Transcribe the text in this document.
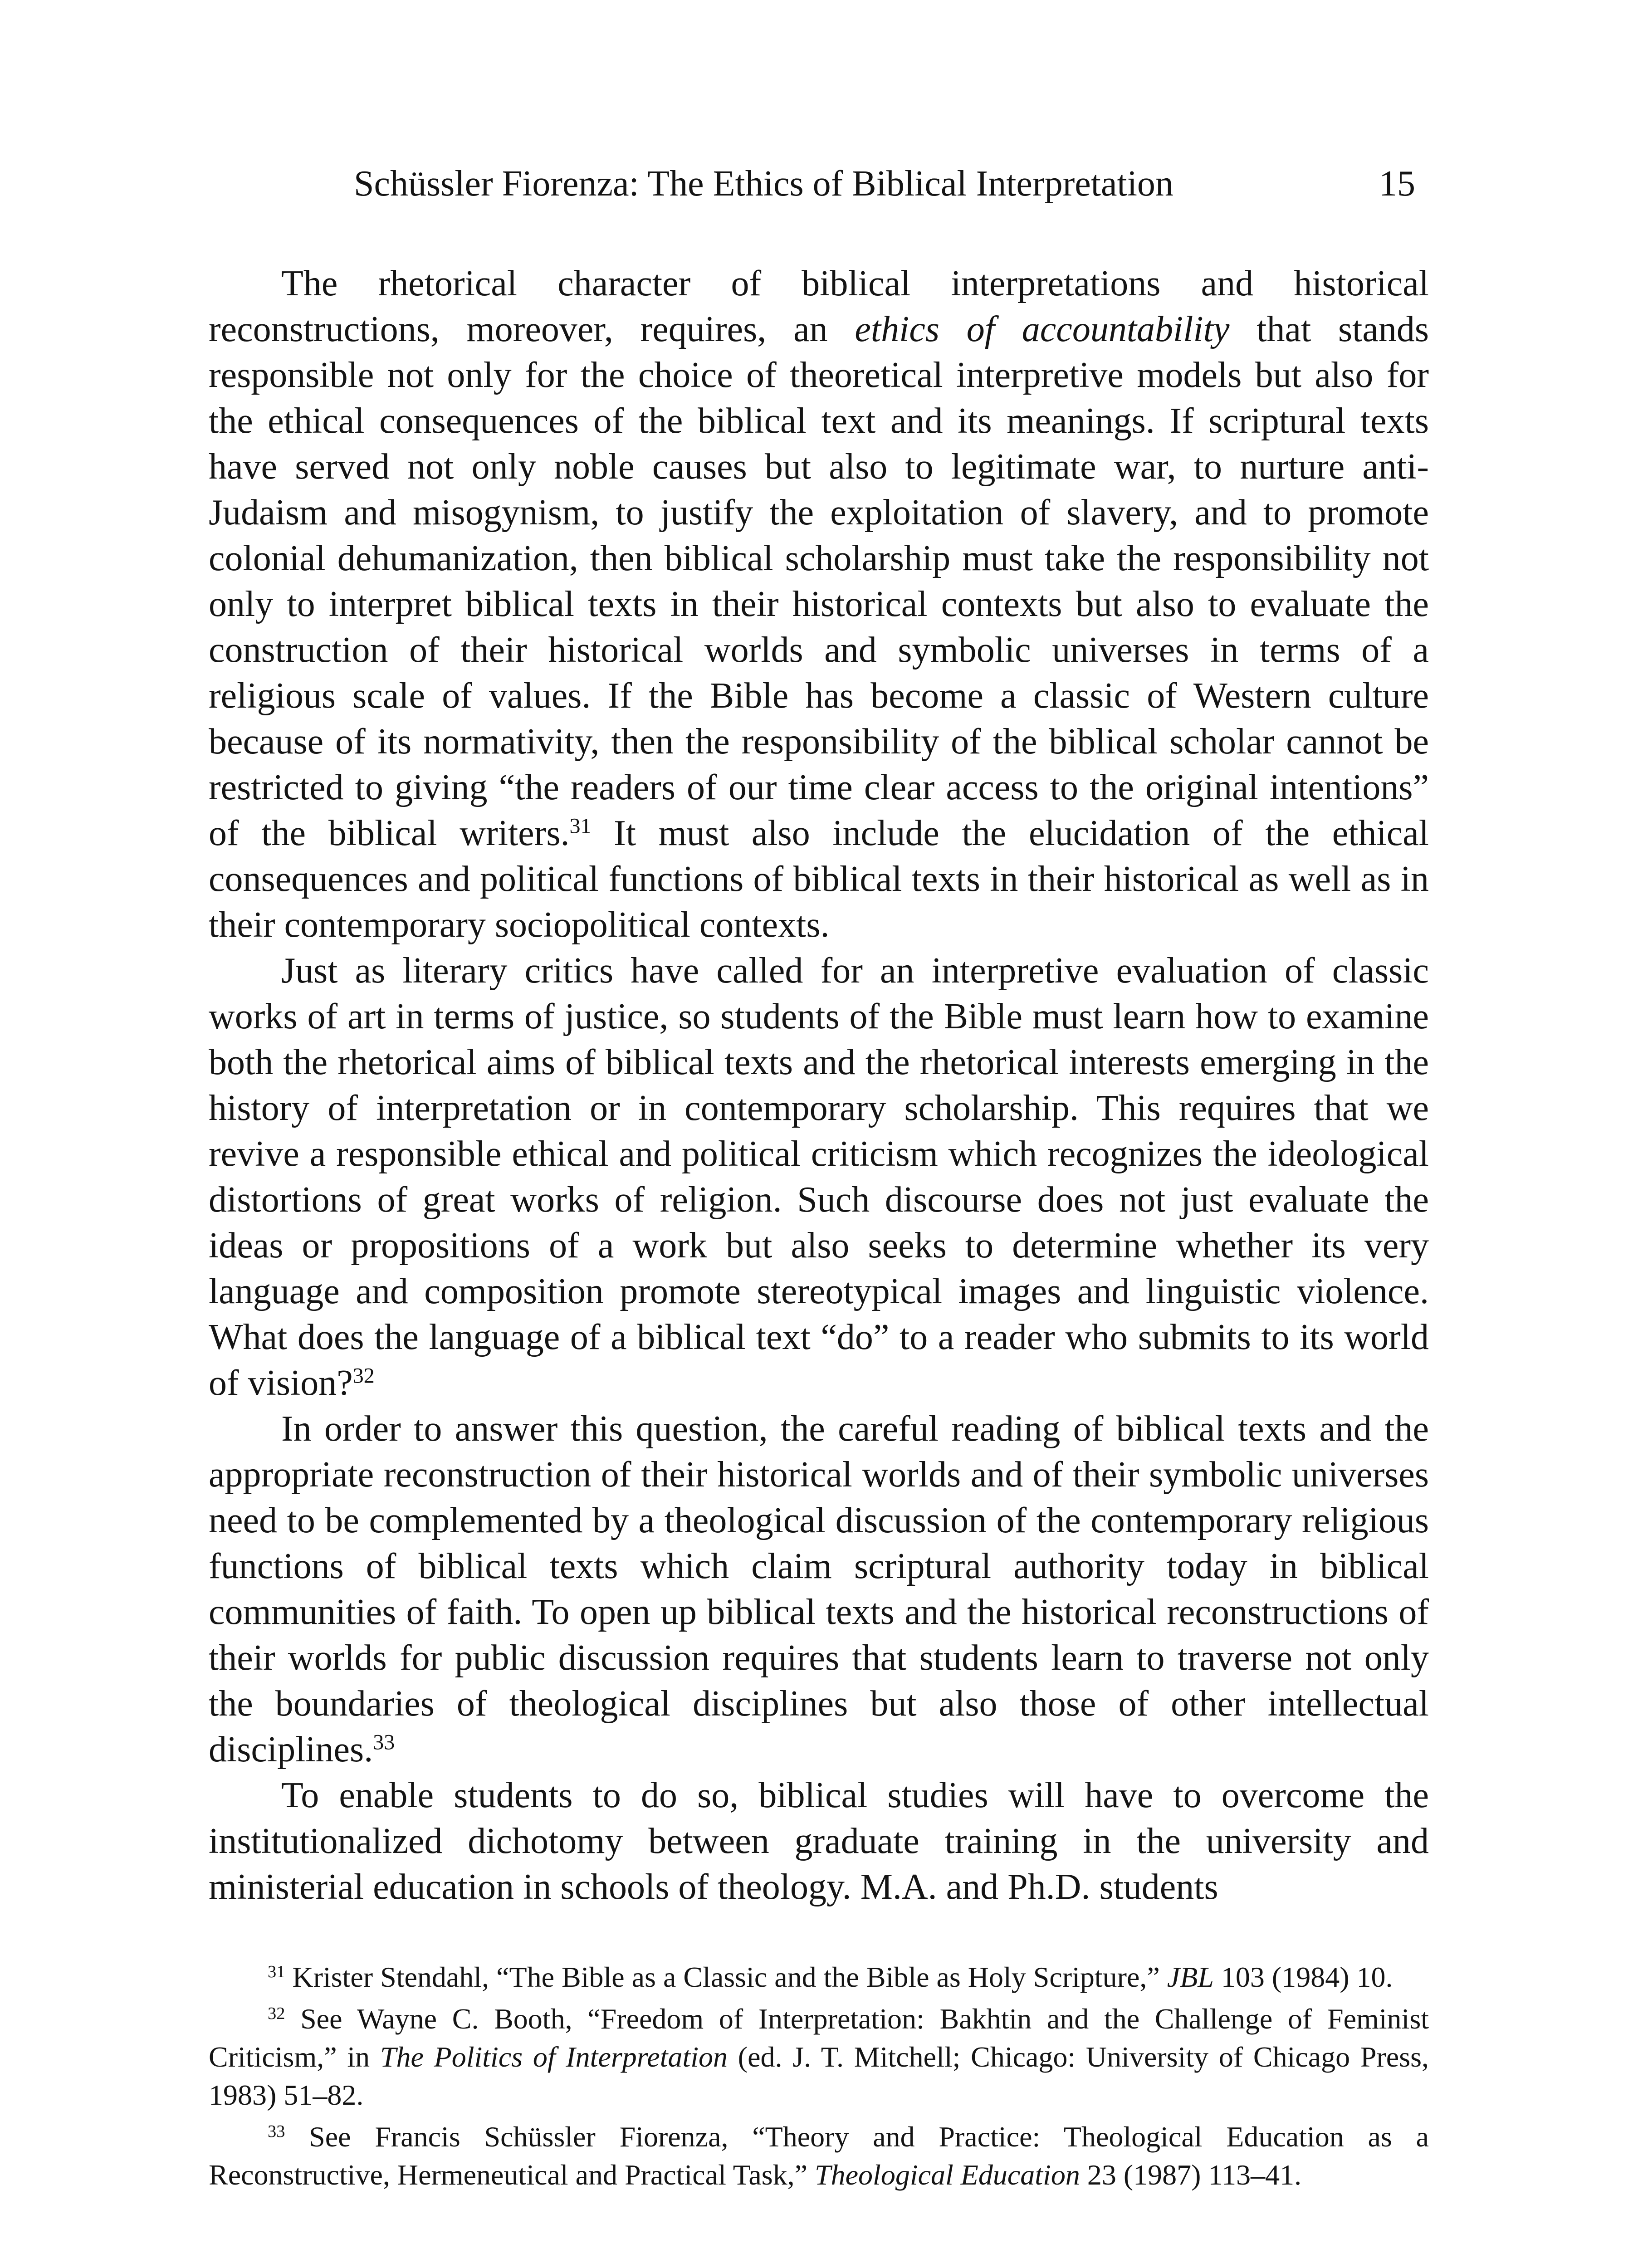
Schüssler Fiorenza: The Ethics of Biblical Interpretation	15

The rhetorical character of biblical interpretations and historical reconstructions, moreover, requires, an ethics of accountability that stands responsible not only for the choice of theoretical interpretive models but also for the ethical consequences of the biblical text and its meanings. If scriptural texts have served not only noble causes but also to legitimate war, to nurture anti-Judaism and misogynism, to justify the exploitation of slavery, and to promote colonial dehumanization, then biblical scholarship must take the responsibility not only to interpret biblical texts in their historical contexts but also to evaluate the construction of their historical worlds and symbolic universes in terms of a religious scale of values. If the Bible has become a classic of Western culture because of its normativity, then the responsibility of the biblical scholar cannot be restricted to giving “the readers of our time clear access to the original intentions” of the biblical writers.$^{31}$ It must also include the elucidation of the ethical consequences and political functions of biblical texts in their historical as well as in their contemporary sociopolitical contexts.

Just as literary critics have called for an interpretive evaluation of classic works of art in terms of justice, so students of the Bible must learn how to examine both the rhetorical aims of biblical texts and the rhetorical interests emerging in the history of interpretation or in contemporary scholarship. This requires that we revive a responsible ethical and political criticism which recognizes the ideological distortions of great works of religion. Such discourse does not just evaluate the ideas or propositions of a work but also seeks to determine whether its very language and composition promote stereotypical images and linguistic violence. What does the language of a biblical text “do” to a reader who submits to its world of vision?$^{32}$

In order to answer this question, the careful reading of biblical texts and the appropriate reconstruction of their historical worlds and of their symbolic universes need to be complemented by a theological discussion of the contemporary religious functions of biblical texts which claim scriptural authority today in biblical communities of faith. To open up biblical texts and the historical reconstructions of their worlds for public discussion requires that students learn to traverse not only the boundaries of theological disciplines but also those of other intellectual disciplines.$^{33}$

To enable students to do so, biblical studies will have to overcome the institutionalized dichotomy between graduate training in the university and ministerial education in schools of theology. M.A. and Ph.D. students

$^{31}$ Krister Stendahl, “The Bible as a Classic and the Bible as Holy Scripture,” JBL 103 (1984) 10.

$^{32}$ See Wayne C. Booth, “Freedom of Interpretation: Bakhtin and the Challenge of Feminist Criticism,” in The Politics of Interpretation (ed. J. T. Mitchell; Chicago: University of Chicago Press, 1983) 51–82.

$^{33}$ See Francis Schüssler Fiorenza, “Theory and Practice: Theological Education as a Reconstructive, Hermeneutical and Practical Task,” Theological Education 23 (1987) 113–41.
